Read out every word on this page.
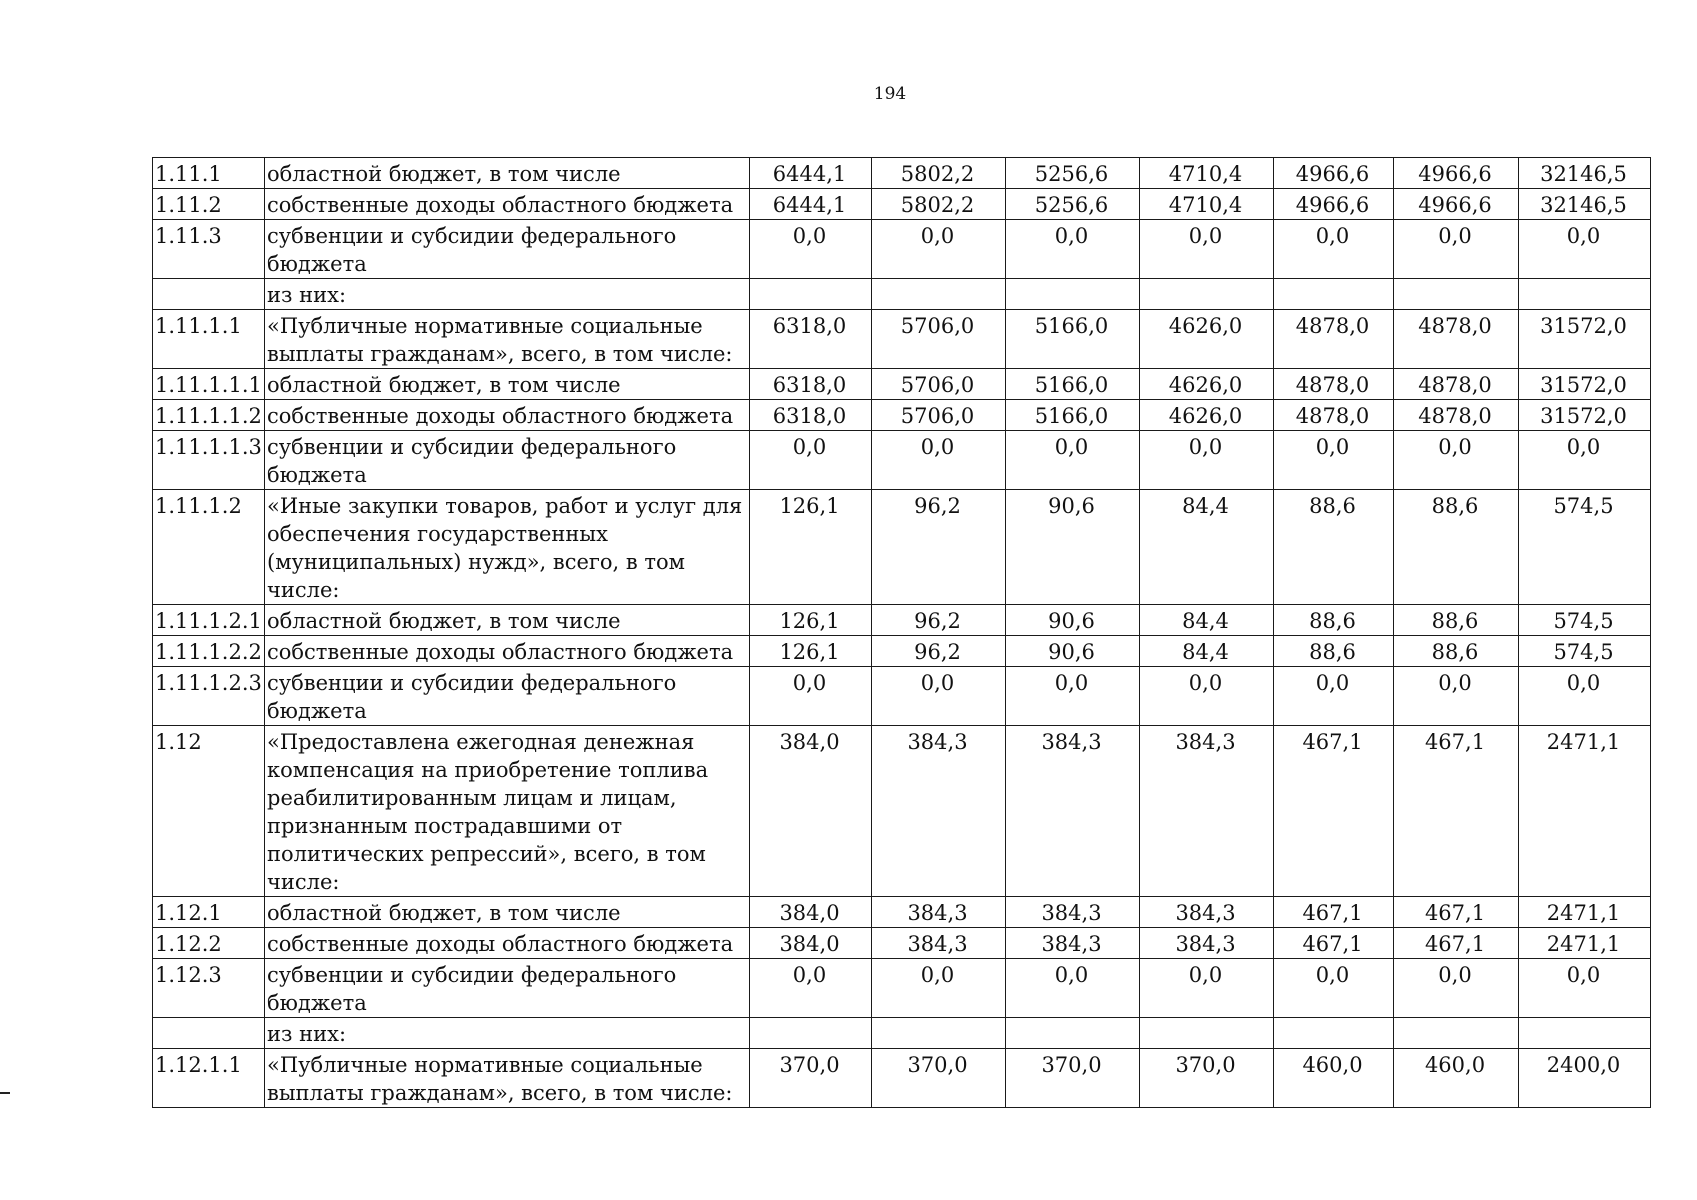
194
1.11.1	областной бюджет, в том числе	6444,1	5802,2	5256,6	4710,4	4966,6	4966,6	32146,5
1.11.2	собственные доходы областного бюджета	6444,1	5802,2	5256,6	4710,4	4966,6	4966,6	32146,5
1.11.3	субвенции и субсидии федерального бюджета	0,0	0,0	0,0	0,0	0,0	0,0	0,0
	из них:							
1.11.1.1	«Публичные нормативные социальные выплаты гражданам», всего, в том числе:	6318,0	5706,0	5166,0	4626,0	4878,0	4878,0	31572,0
1.11.1.1.1	областной бюджет, в том числе	6318,0	5706,0	5166,0	4626,0	4878,0	4878,0	31572,0
1.11.1.1.2	собственные доходы областного бюджета	6318,0	5706,0	5166,0	4626,0	4878,0	4878,0	31572,0
1.11.1.1.3	субвенции и субсидии федерального бюджета	0,0	0,0	0,0	0,0	0,0	0,0	0,0
1.11.1.2	«Иные закупки товаров, работ и услуг для обеспечения государственных (муниципальных) нужд», всего, в том числе:	126,1	96,2	90,6	84,4	88,6	88,6	574,5
1.11.1.2.1	областной бюджет, в том числе	126,1	96,2	90,6	84,4	88,6	88,6	574,5
1.11.1.2.2	собственные доходы областного бюджета	126,1	96,2	90,6	84,4	88,6	88,6	574,5
1.11.1.2.3	субвенции и субсидии федерального бюджета	0,0	0,0	0,0	0,0	0,0	0,0	0,0
1.12	«Предоставлена ежегодная денежная компенсация на приобретение топлива реабилитированным лицам и лицам, признанным пострадавшими от политических репрессий», всего, в том числе:	384,0	384,3	384,3	384,3	467,1	467,1	2471,1
1.12.1	областной бюджет, в том числе	384,0	384,3	384,3	384,3	467,1	467,1	2471,1
1.12.2	собственные доходы областного бюджета	384,0	384,3	384,3	384,3	467,1	467,1	2471,1
1.12.3	субвенции и субсидии федерального бюджета	0,0	0,0	0,0	0,0	0,0	0,0	0,0
	из них:							
1.12.1.1	«Публичные нормативные социальные выплаты гражданам», всего, в том числе:	370,0	370,0	370,0	370,0	460,0	460,0	2400,0
